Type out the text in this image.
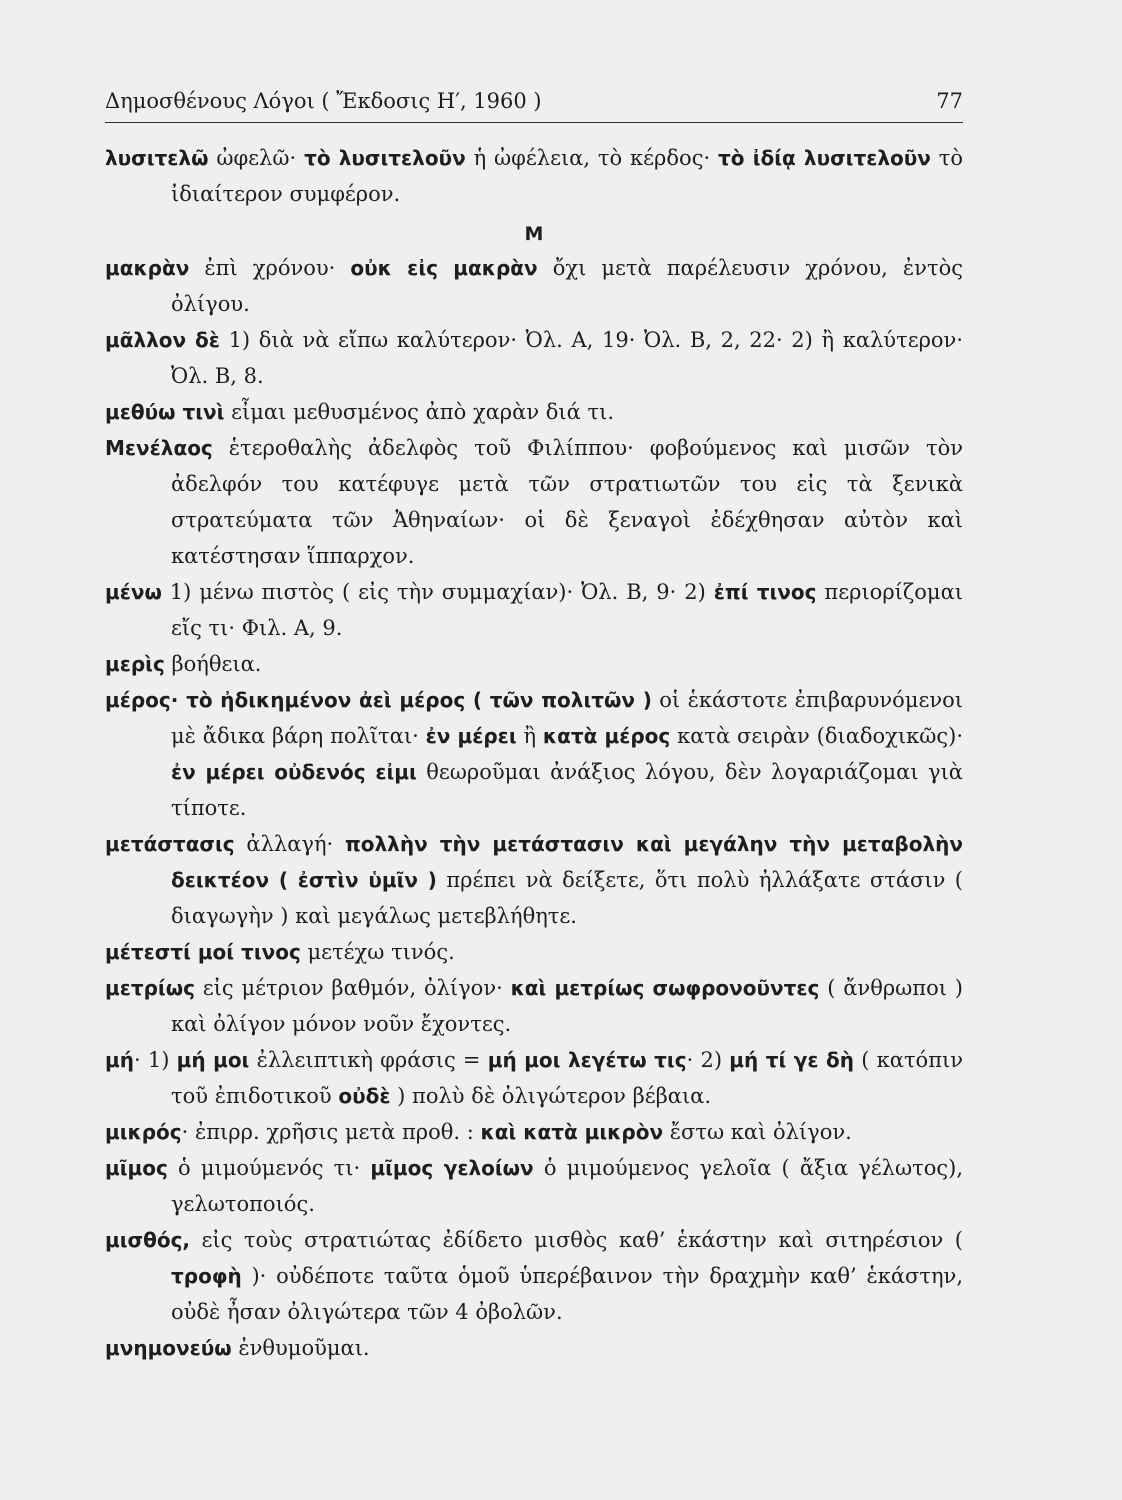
Δημοσθένους Λόγοι ( Ἔκδοσις Η′, 1960 )	77
λυσιτελῶ ὠφελῶ· τὸ λυσιτελοῦν ἡ ὠφέλεια, τὸ κέρδος· τὸ ἰδίᾳ λυσιτελοῦν τὸ ἰδιαίτερον συμφέρον.
Μ
μακρὰν ἐπὶ χρόνου· οὐκ εἰς μακρὰν ὄχι μετὰ παρέλευσιν χρόνου, ἐντὸς ὀλίγου.
μᾶλλον δὲ 1) διὰ νὰ εἴπω καλύτερον· Ὀλ. Α, 19· Ὀλ. Β, 2, 22· 2) ἢ καλύτερον· Ὀλ. Β, 8.
μεθύω τινὶ εἶμαι μεθυσμένος ἀπὸ χαρὰν διά τι.
Μενέλαος ἑτεροθαλὴς ἀδελφὸς τοῦ Φιλίππου· φοβούμενος καὶ μισῶν τὸν ἀδελφόν του κατέφυγε μετὰ τῶν στρατιωτῶν του εἰς τὰ ξενικὰ στρατεύματα τῶν Ἀθηναίων· οἱ δὲ ξεναγοὶ ἐδέχθησαν αὐτὸν καὶ κατέστησαν ἵππαρχον.
μένω 1) μένω πιστὸς ( εἰς τὴν συμμαχίαν)· Ὀλ. Β, 9· 2) ἐπί τινος περιορίζομαι εἴς τι· Φιλ. Α, 9.
μερὶς βοήθεια.
μέρος· τὸ ἠδικημένον ἀεὶ μέρος ( τῶν πολιτῶν ) οἱ ἑκάστοτε ἐπιβαρυνόμενοι μὲ ἄδικα βάρη πολῖται· ἐν μέρει ἢ κατὰ μέρος κατὰ σειρὰν (διαδοχικῶς)· ἐν μέρει οὐδενός εἰμι θεωροῦμαι ἀνάξιος λόγου, δὲν λογαριάζομαι γιὰ τίποτε.
μετάστασις ἀλλαγή· πολλὴν τὴν μετάστασιν καὶ μεγάλην τὴν μεταβολὴν δεικτέον ( ἐστὶν ὑμῖν ) πρέπει νὰ δείξετε, ὅτι πολὺ ἠλλάξατε στάσιν ( διαγωγὴν ) καὶ μεγάλως μετεβλήθητε.
μέτεστί μοί τινος μετέχω τινός.
μετρίως εἰς μέτριον βαθμόν, ὀλίγον· καὶ μετρίως σωφρονοῦντες ( ἄνθρωποι ) καὶ ὀλίγον μόνον νοῦν ἔχοντες.
μή· 1) μή μοι ἐλλειπτικὴ φράσις = μή μοι λεγέτω τις· 2) μή τί γε δὴ ( κατόπιν τοῦ ἐπιδοτικοῦ οὐδὲ ) πολὺ δὲ ὀλιγώτερον βέβαια.
μικρός· ἐπιρρ. χρῆσις μετὰ προθ. : καὶ κατὰ μικρὸν ἔστω καὶ ὀλίγον.
μῖμος ὁ μιμούμενός τι· μῖμος γελοίων ὁ μιμούμενος γελοῖα ( ἄξια γέλωτος), γελωτοποιός.
μισθός, εἰς τοὺς στρατιώτας ἐδίδετο μισθὸς καθ’ ἑκάστην καὶ σιτηρέσιον ( τροφὴ )· οὐδέποτε ταῦτα ὁμοῦ ὑπερέβαινον τὴν δραχμὴν καθ’ ἑκάστην, οὐδὲ ἦσαν ὀλιγώτερα τῶν 4 ὀβολῶν.
μνημονεύω ἐνθυμοῦμαι.
